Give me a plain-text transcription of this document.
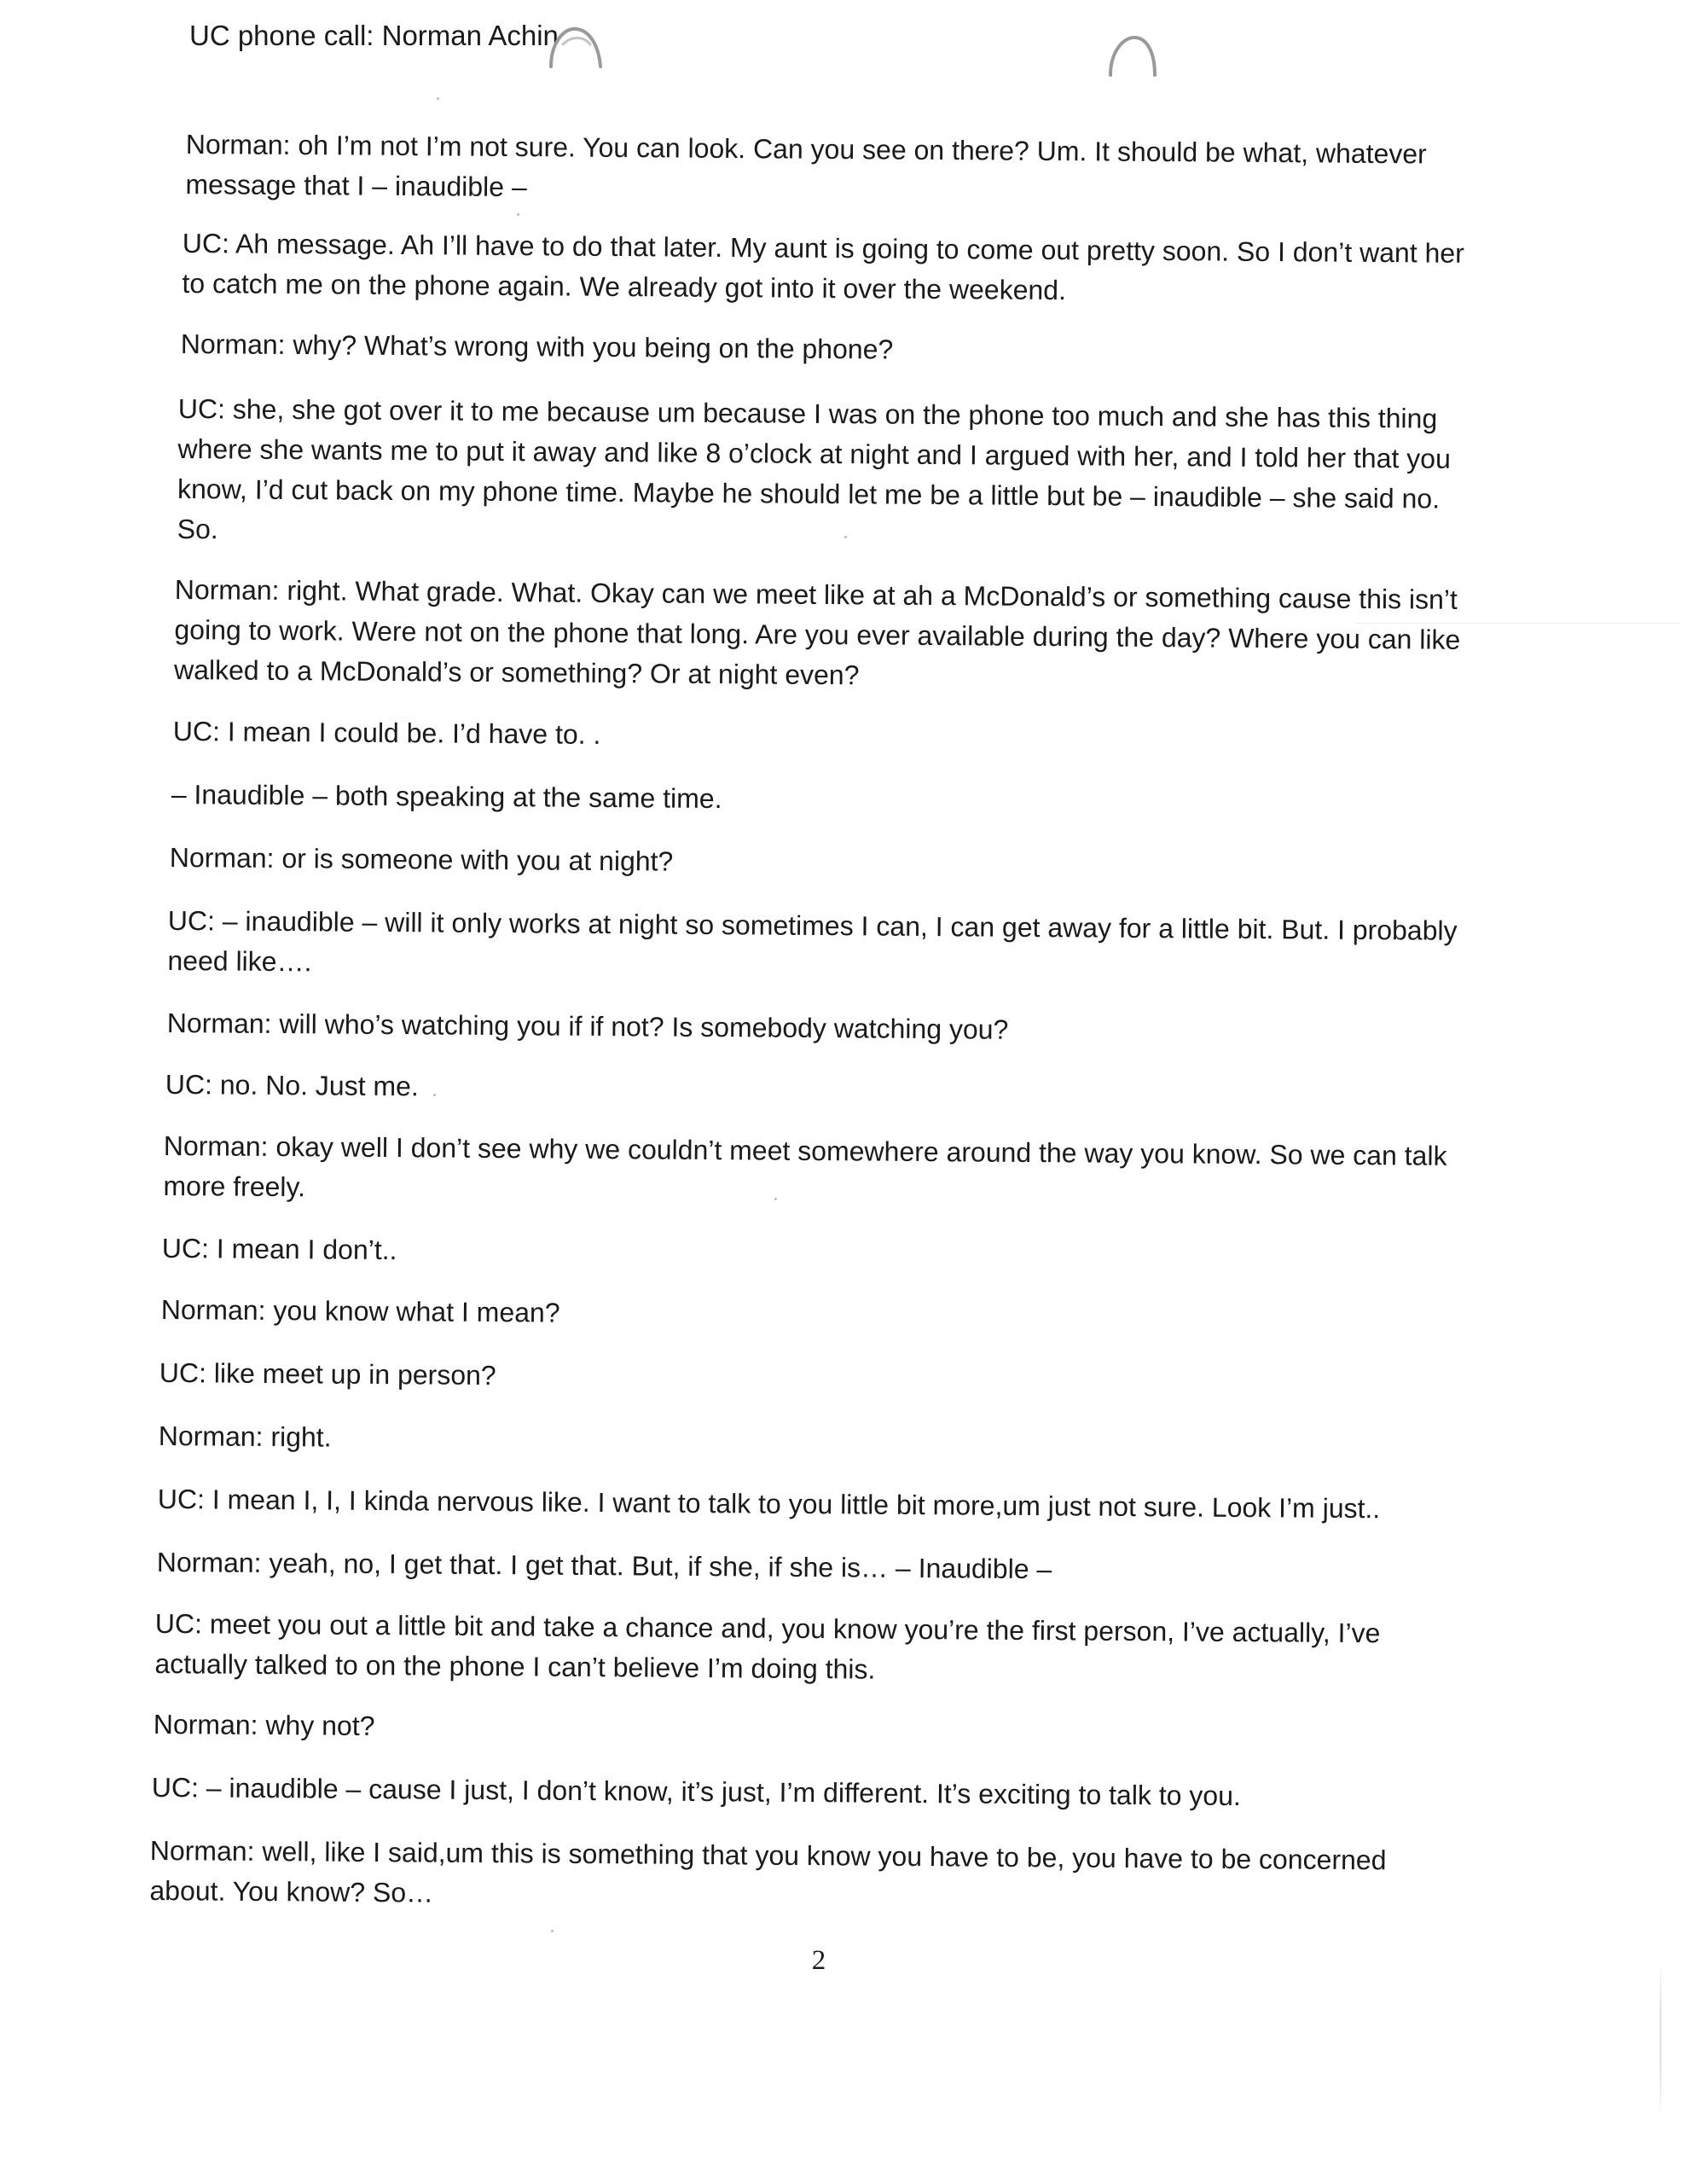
UC phone call: Norman Achin

Norman: oh I’m not I’m not sure. You can look. Can you see on there? Um. It should be what, whatever message that I – inaudible –

UC: Ah message. Ah I’ll have to do that later. My aunt is going to come out pretty soon. So I don’t want her to catch me on the phone again. We already got into it over the weekend.

Norman: why? What’s wrong with you being on the phone?

UC: she, she got over it to me because um because I was on the phone too much and she has this thing where she wants me to put it away and like 8 o’clock at night and I argued with her, and I told her that you know, I’d cut back on my phone time. Maybe he should let me be a little but be – inaudible – she said no. So.

Norman: right. What grade. What. Okay can we meet like at ah a McDonald’s or something cause this isn’t going to work. Were not on the phone that long. Are you ever available during the day? Where you can like walked to a McDonald’s or something? Or at night even?

UC: I mean I could be. I’d have to. .

– Inaudible – both speaking at the same time.

Norman: or is someone with you at night?

UC: – inaudible – will it only works at night so sometimes I can, I can get away for a little bit. But. I probably need like….

Norman: will who’s watching you if if not? Is somebody watching you?

UC: no. No. Just me.

Norman: okay well I don’t see why we couldn’t meet somewhere around the way you know. So we can talk more freely.

UC: I mean I don’t..

Norman: you know what I mean?

UC: like meet up in person?

Norman: right.

UC: I mean I, I, I kinda nervous like. I want to talk to you little bit more,um just not sure. Look I’m just..

Norman: yeah, no, I get that. I get that. But, if she, if she is… – Inaudible –

UC: meet you out a little bit and take a chance and, you know you’re the first person, I’ve actually, I’ve actually talked to on the phone I can’t believe I’m doing this.

Norman: why not?

UC: – inaudible – cause I just, I don’t know, it’s just, I’m different. It’s exciting to talk to you.

Norman: well, like I said,um this is something that you know you have to be, you have to be concerned about. You know? So…

2
